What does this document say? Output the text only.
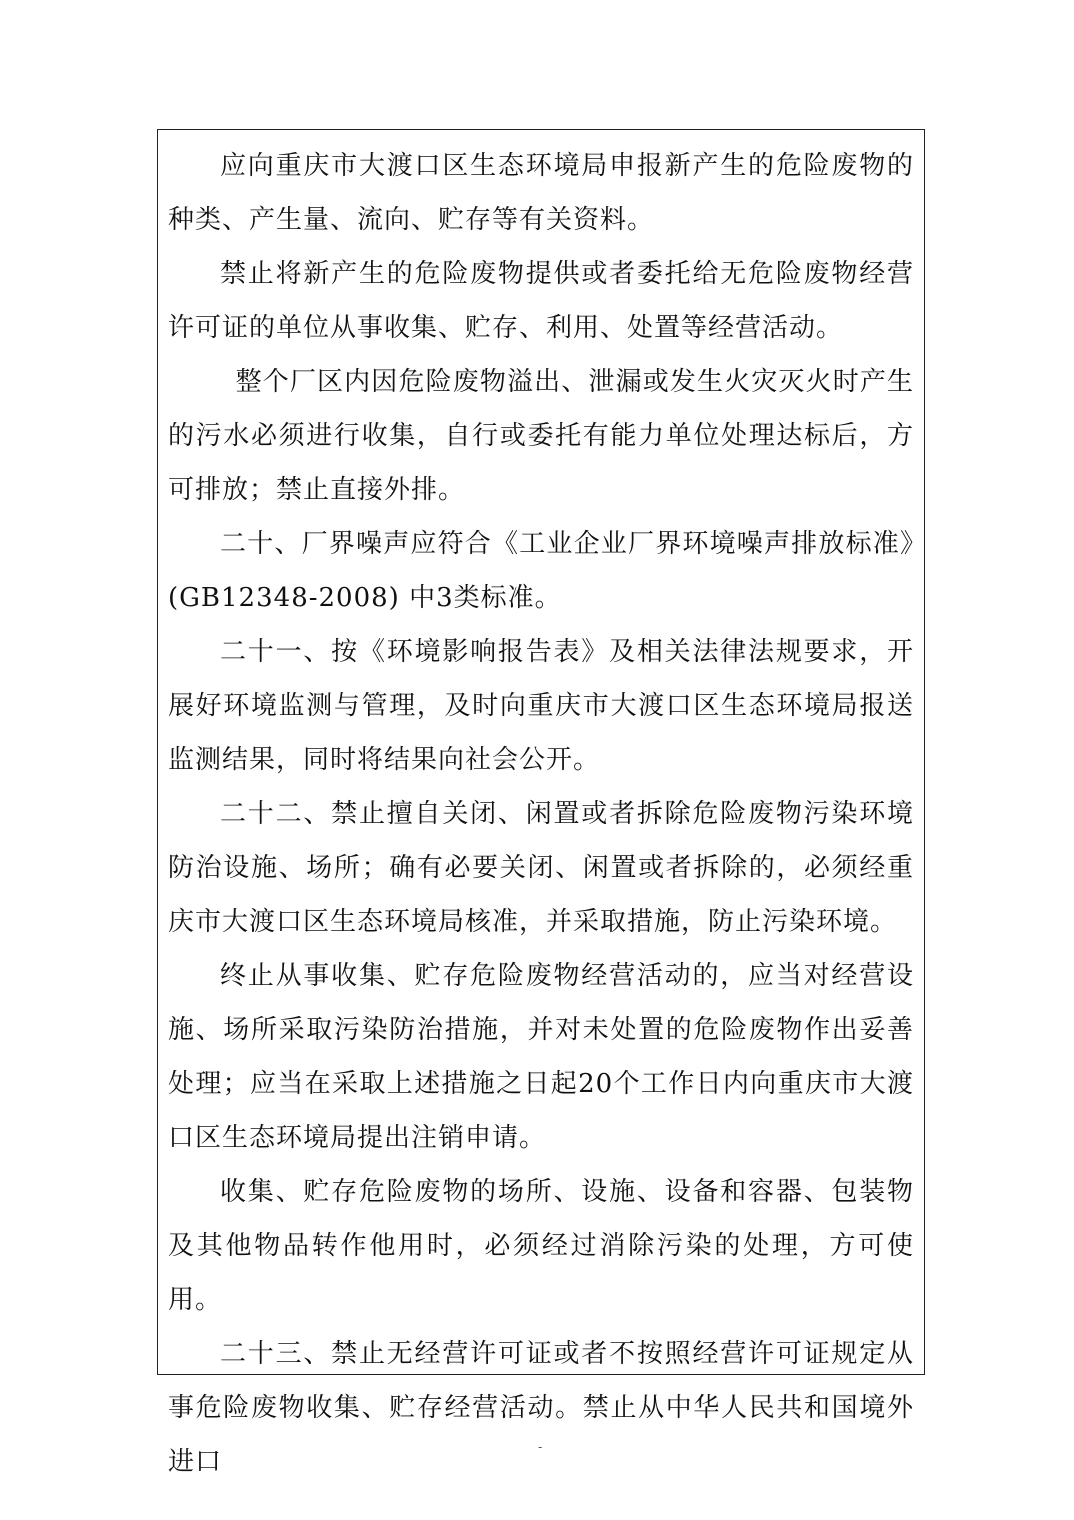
应向重庆市大渡口区生态环境局申报新产生的危险废物的种类、产生量、流向、贮存等有关资料。

禁止将新产生的危险废物提供或者委托给无危险废物经营许可证的单位从事收集、贮存、利用、处置等经营活动。

整个厂区内因危险废物溢出、泄漏或发生火灾灭火时产生的污水必须进行收集，自行或委托有能力单位处理达标后，方可排放；禁止直接外排。

二十、厂界噪声应符合《工业企业厂界环境噪声排放标准》(GB12348-2008) 中3类标准。

二十一、按《环境影响报告表》及相关法律法规要求，开展好环境监测与管理，及时向重庆市大渡口区生态环境局报送监测结果，同时将结果向社会公开。

二十二、禁止擅自关闭、闲置或者拆除危险废物污染环境防治设施、场所；确有必要关闭、闲置或者拆除的，必须经重庆市大渡口区生态环境局核准，并采取措施，防止污染环境。

终止从事收集、贮存危险废物经营活动的，应当对经营设施、场所采取污染防治措施，并对未处置的危险废物作出妥善处理；应当在采取上述措施之日起20个工作日内向重庆市大渡口区生态环境局提出注销申请。

收集、贮存危险废物的场所、设施、设备和容器、包装物及其他物品转作他用时，必须经过消除污染的处理，方可使用。

二十三、禁止无经营许可证或者不按照经营许可证规定从事危险废物收集、贮存经营活动。禁止从中华人民共和国境外进口	-
